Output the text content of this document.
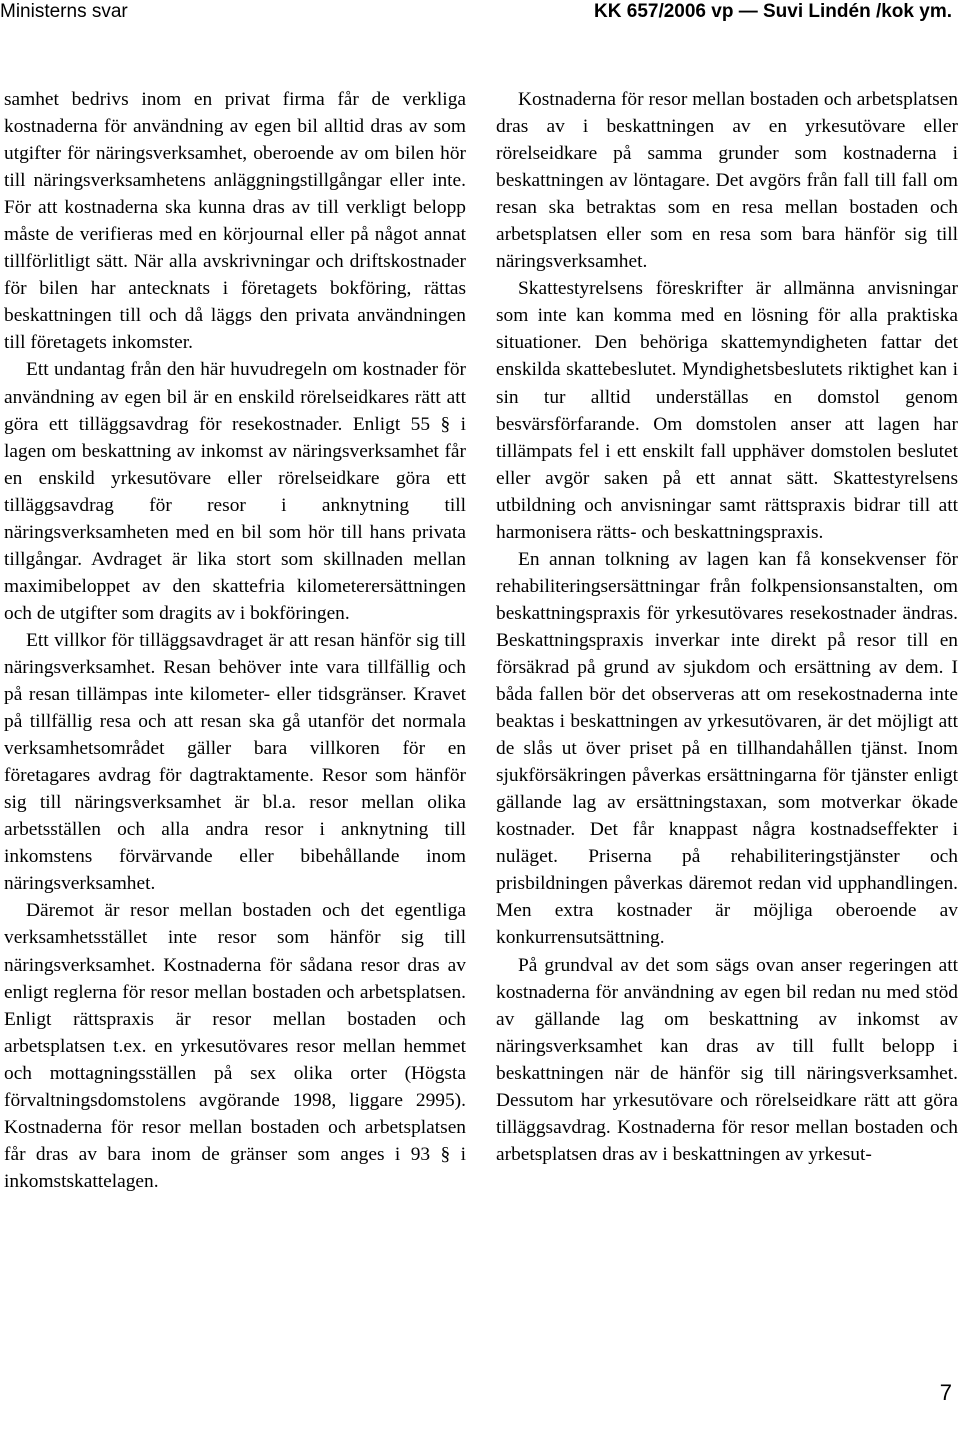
Ministerns svar	KK 657/2006 vp — Suvi Lindén /kok ym.

samhet bedrivs inom en privat firma får de verkliga kostnaderna för användning av egen bil alltid dras av som utgifter för näringsverksamhet, oberoende av om bilen hör till näringsverksamhetens anläggningstillgångar eller inte. För att kostnaderna ska kunna dras av till verkligt belopp måste de verifieras med en körjournal eller på något annat tillförlitligt sätt. När alla avskrivningar och driftskostnader för bilen har antecknats i företagets bokföring, rättas beskattningen till och då läggs den privata användningen till företagets inkomster.

Ett undantag från den här huvudregeln om kostnader för användning av egen bil är en enskild rörelseidkares rätt att göra ett tilläggsavdrag för resekostnader. Enligt 55 § i lagen om beskattning av inkomst av näringsverksamhet får en enskild yrkesutövare eller rörelseidkare göra ett tilläggsavdrag för resor i anknytning till näringsverksamheten med en bil som hör till hans privata tillgångar. Avdraget är lika stort som skillnaden mellan maximibeloppet av den skattefria kilometerersättningen och de utgifter som dragits av i bokföringen.

Ett villkor för tilläggsavdraget är att resan hänför sig till näringsverksamhet. Resan behöver inte vara tillfällig och på resan tillämpas inte kilometer- eller tidsgränser. Kravet på tillfällig resa och att resan ska gå utanför det normala verksamhetsområdet gäller bara villkoren för en företagares avdrag för dagtraktamente. Resor som hänför sig till näringsverksamhet är bl.a. resor mellan olika arbetsställen och alla andra resor i anknytning till inkomstens förvärvande eller bibehållande inom näringsverksamhet.

Däremot är resor mellan bostaden och det egentliga verksamhetsstället inte resor som hänför sig till näringsverksamhet. Kostnaderna för sådana resor dras av enligt reglerna för resor mellan bostaden och arbetsplatsen. Enligt rättspraxis är resor mellan bostaden och arbetsplatsen t.ex. en yrkesutövares resor mellan hemmet och mottagningsställen på sex olika orter (Högsta förvaltningsdomstolens avgörande 1998, liggare 2995). Kostnaderna för resor mellan bostaden och arbetsplatsen får dras av bara inom de gränser som anges i 93 § i inkomstskattelagen.

Kostnaderna för resor mellan bostaden och arbetsplatsen dras av i beskattningen av en yrkesutövare eller rörelseidkare på samma grunder som kostnaderna i beskattningen av löntagare. Det avgörs från fall till fall om resan ska betraktas som en resa mellan bostaden och arbetsplatsen eller som en resa som bara hänför sig till näringsverksamhet.

Skattestyrelsens föreskrifter är allmänna anvisningar som inte kan komma med en lösning för alla praktiska situationer. Den behöriga skattemyndigheten fattar det enskilda skattebeslutet. Myndighetsbeslutets riktighet kan i sin tur alltid underställas en domstol genom besvärsförfarande. Om domstolen anser att lagen har tillämpats fel i ett enskilt fall upphäver domstolen beslutet eller avgör saken på ett annat sätt. Skattestyrelsens utbildning och anvisningar samt rättspraxis bidrar till att harmonisera rätts- och beskattningspraxis.

En annan tolkning av lagen kan få konsekvenser för rehabiliteringsersättningar från folkpensionsanstalten, om beskattningspraxis för yrkesutövares resekostnader ändras. Beskattningspraxis inverkar inte direkt på resor till en försäkrad på grund av sjukdom och ersättning av dem. I båda fallen bör det observeras att om resekostnaderna inte beaktas i beskattningen av yrkesutövaren, är det möjligt att de slås ut över priset på en tillhandahållen tjänst. Inom sjukförsäkringen påverkas ersättningarna för tjänster enligt gällande lag av ersättningstaxan, som motverkar ökade kostnader. Det får knappast några kostnadseffekter i nuläget. Priserna på rehabiliteringstjänster och prisbildningen påverkas däremot redan vid upphandlingen. Men extra kostnader är möjliga oberoende av konkurrensutsättning.

På grundval av det som sägs ovan anser regeringen att kostnaderna för användning av egen bil redan nu med stöd av gällande lag om beskattning av inkomst av näringsverksamhet kan dras av till fullt belopp i beskattningen när de hänför sig till näringsverksamhet. Dessutom har yrkesutövare och rörelseidkare rätt att göra tilläggsavdrag. Kostnaderna för resor mellan bostaden och arbetsplatsen dras av i beskattningen av yrkesut-

7
